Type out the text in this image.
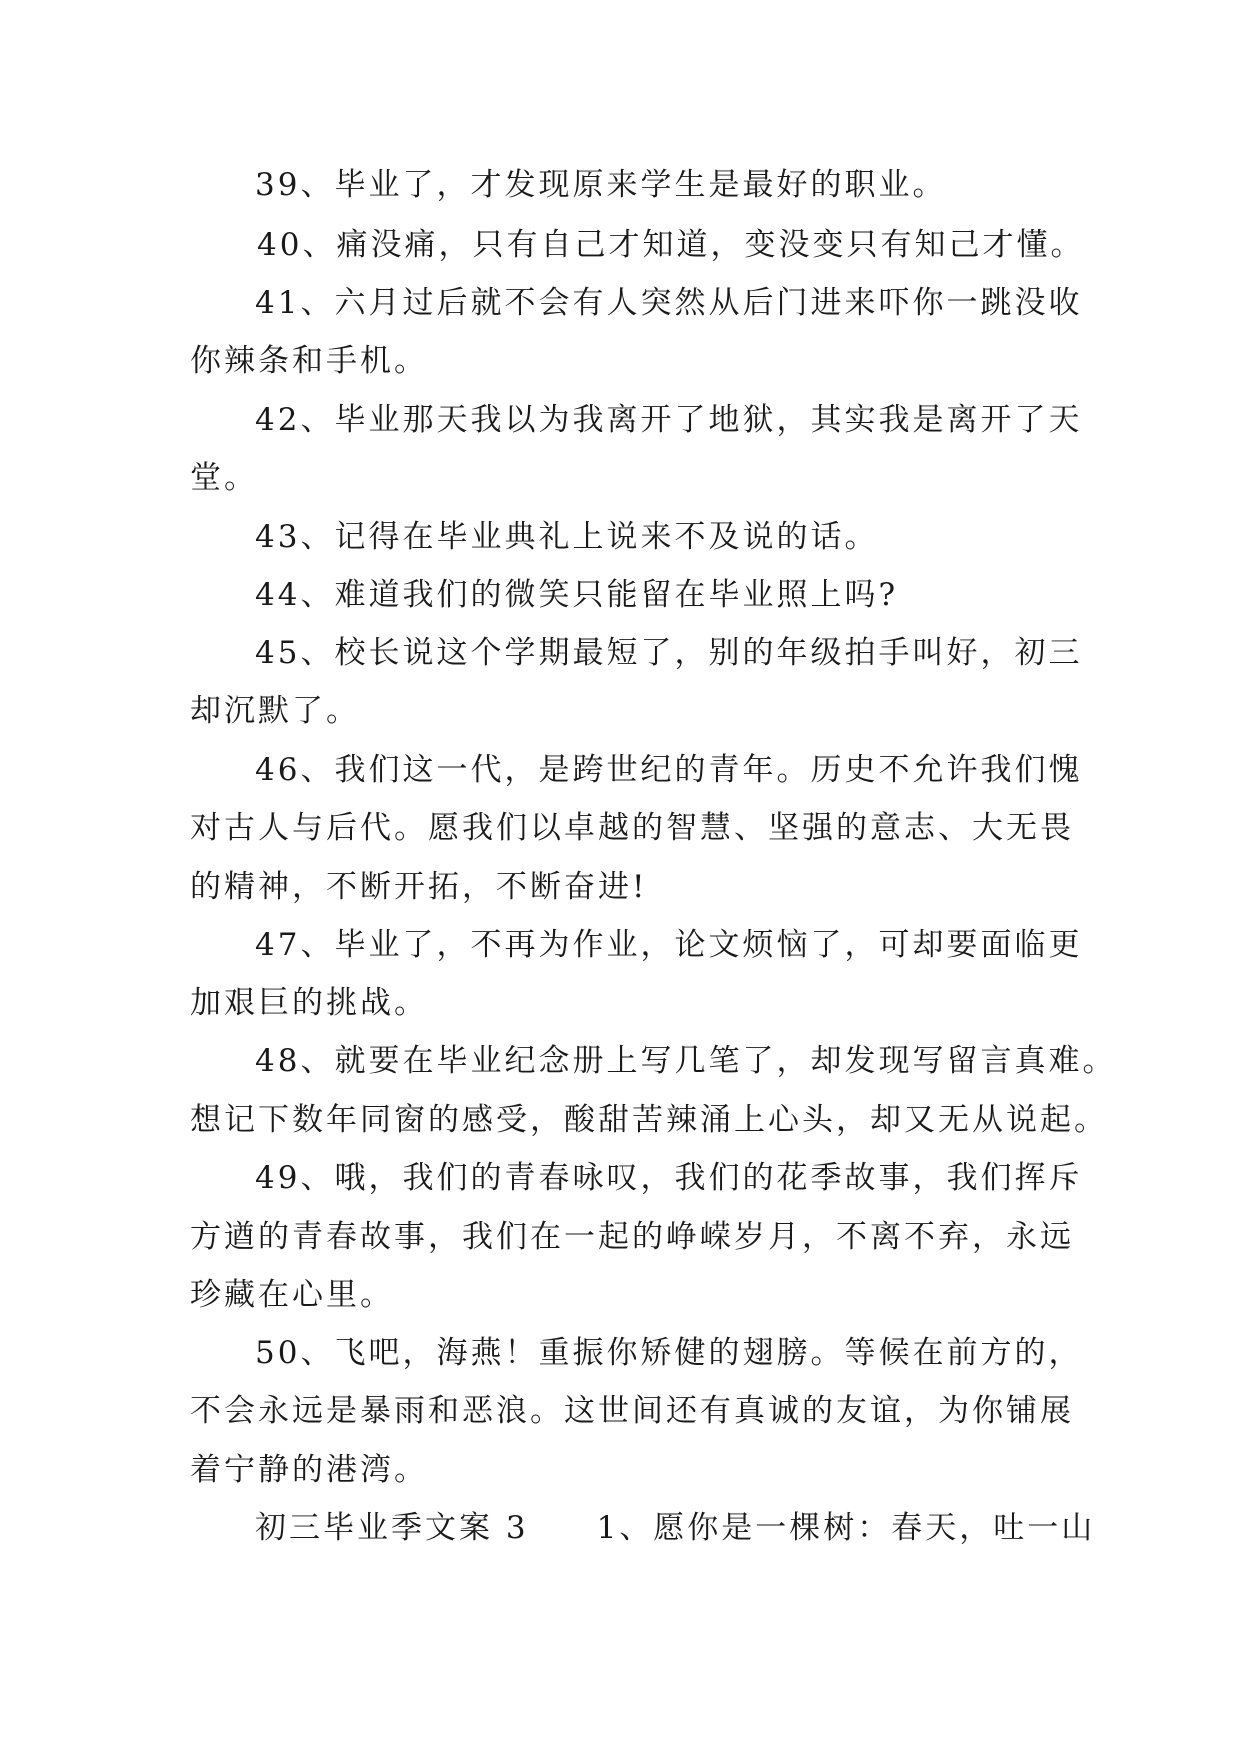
39、毕业了，才发现原来学生是最好的职业。
40、痛没痛，只有自己才知道，变没变只有知己才懂。
41、六月过后就不会有人突然从后门进来吓你一跳没收
你辣条和手机。
42、毕业那天我以为我离开了地狱，其实我是离开了天
堂。
43、记得在毕业典礼上说来不及说的话。
44、难道我们的微笑只能留在毕业照上吗?
45、校长说这个学期最短了，别的年级拍手叫好，初三
却沉默了。
46、我们这一代，是跨世纪的青年。历史不允许我们愧
对古人与后代。愿我们以卓越的智慧、坚强的意志、大无畏
的精神，不断开拓，不断奋进!
47、毕业了，不再为作业，论文烦恼了，可却要面临更
加艰巨的挑战。
48、就要在毕业纪念册上写几笔了，却发现写留言真难。
想记下数年同窗的感受，酸甜苦辣涌上心头，却又无从说起。
49、哦，我们的青春咏叹，我们的花季故事，我们挥斥
方遒的青春故事，我们在一起的峥嵘岁月，不离不弃，永远
珍藏在心里。
50、飞吧，海燕！重振你矫健的翅膀。等候在前方的，
不会永远是暴雨和恶浪。这世间还有真诚的友谊，为你铺展
着宁静的港湾。
初三毕业季文案 3　　1、愿你是一棵树：春天，吐一山
